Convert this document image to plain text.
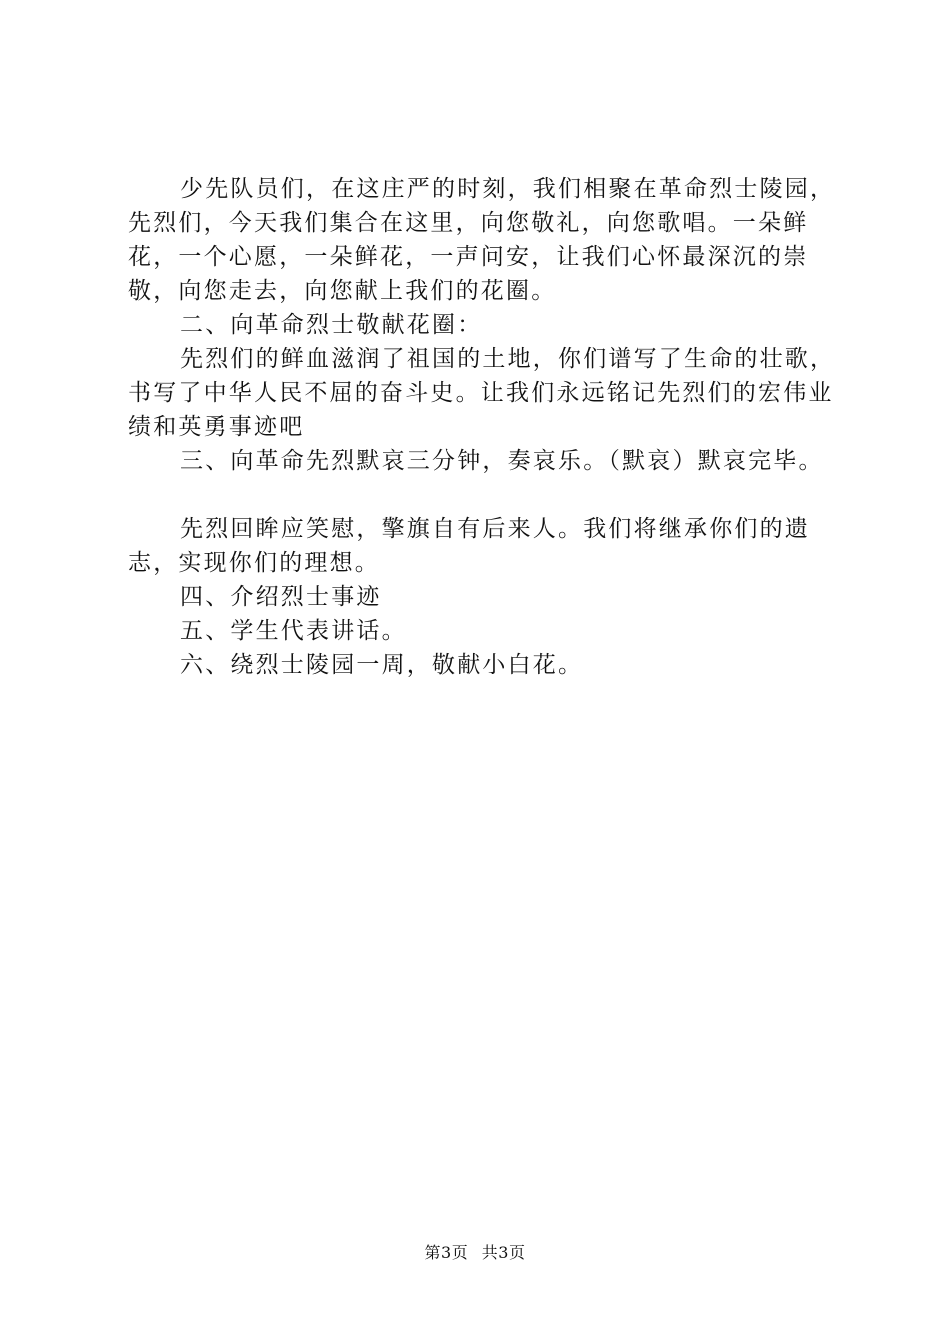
少先队员们，在这庄严的时刻，我们相聚在革命烈士陵园，先烈们，今天我们集合在这里，向您敬礼，向您歌唱。一朵鲜花，一个心愿，一朵鲜花，一声问安，让我们心怀最深沉的崇敬，向您走去，向您献上我们的花圈。

二、向革命烈士敬献花圈：

先烈们的鲜血滋润了祖国的土地，你们谱写了生命的壮歌，书写了中华人民不屈的奋斗史。让我们永远铭记先烈们的宏伟业绩和英勇事迹吧

三、向革命先烈默哀三分钟，奏哀乐。（默哀）默哀完毕。

先烈回眸应笑慰，擎旗自有后来人。我们将继承你们的遗志，实现你们的理想。

四、介绍烈士事迹

五、学生代表讲话。

六、绕烈士陵园一周，敬献小白花。

第3页 共3页
